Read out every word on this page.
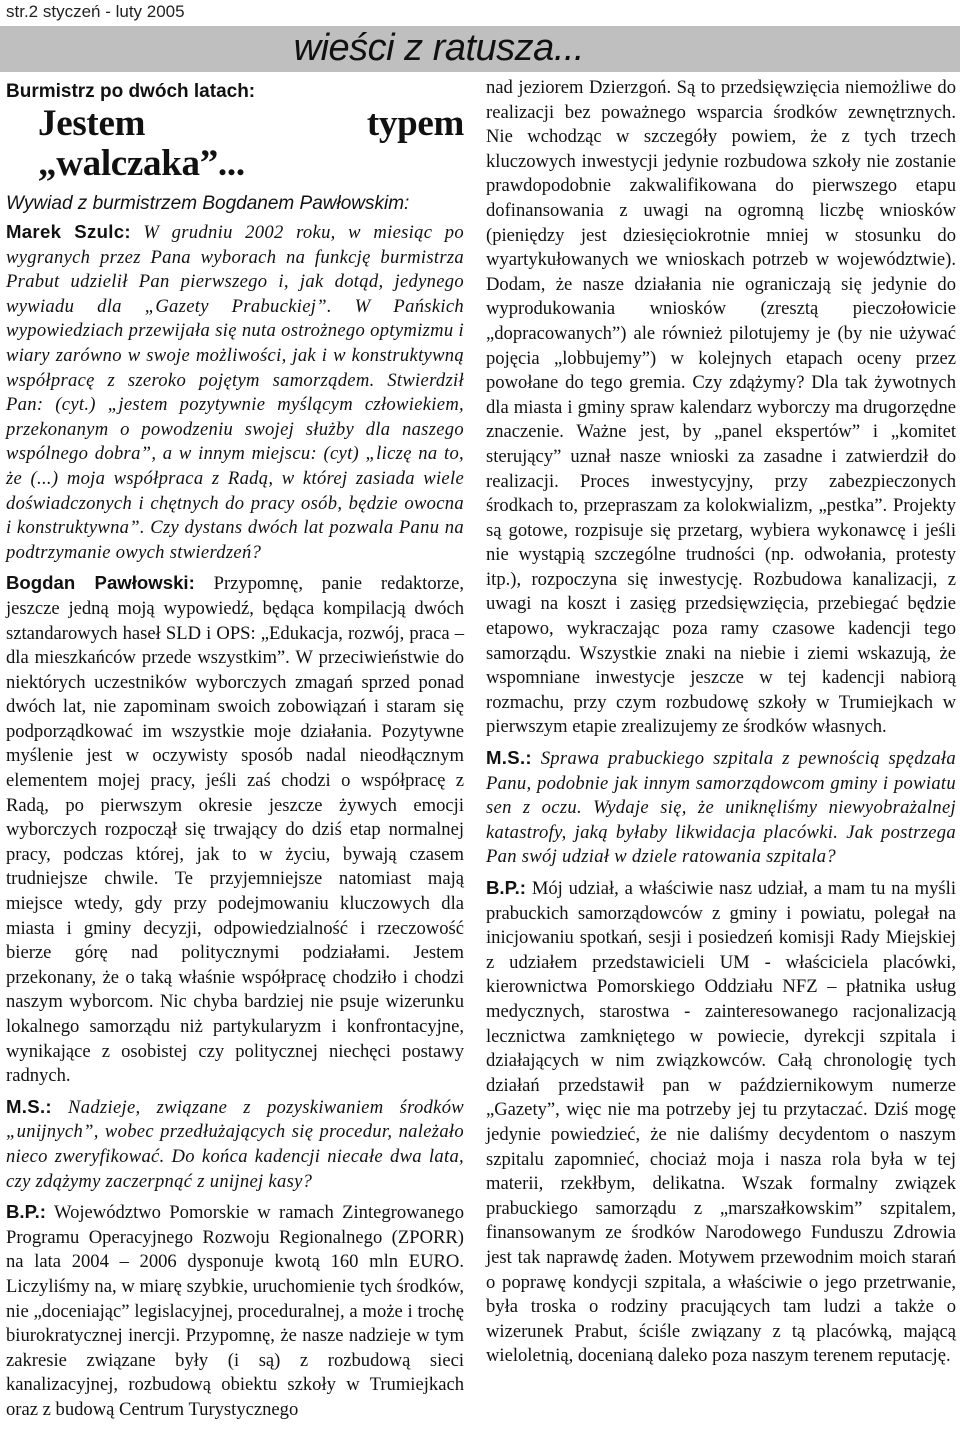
str.2 styczeń - luty 2005
wieści z ratusza...
Burmistrz po dwóch latach:
Jestem typem „walczaka”...
Wywiad z burmistrzem Bogdanem Pawłowskim:

Marek Szulc: W grudniu 2002 roku, w miesiąc po wygranych przez Pana wyborach na funkcję burmistrza Prabut udzielił Pan pierwszego i, jak dotąd, jedynego wywiadu dla „Gazety Prabuckiej”. W Pańskich wypowiedziach przewijała się nuta ostrożnego optymizmu i wiary zarówno w swoje możliwości, jak i w konstruktywną współpracę z szeroko pojętym samorządem. Stwierdził Pan: (cyt.) „jestem pozytywnie myślącym człowiekiem, przekonanym o powodzeniu swojej służby dla naszego wspólnego dobra”, a w innym miejscu: (cyt) „liczę na to, że (...) moja współpraca z Radą, w której zasiada wiele doświadczonych i chętnych do pracy osób, będzie owocna i konstruktywna”. Czy dystans dwóch lat pozwala Panu na podtrzymanie owych stwierdzeń?

Bogdan Pawłowski: Przypomnę, panie redaktorze, jeszcze jedną moją wypowiedź, będąca kompilacją dwóch sztandarowych haseł SLD i OPS: „Edukacja, rozwój, praca – dla mieszkańców przede wszystkim”. W przeciwieństwie do niektórych uczestników wyborczych zmagań sprzed ponad dwóch lat, nie zapominam swoich zobowiązań i staram się podporządkować im wszystkie moje działania. Pozytywne myślenie jest w oczywisty sposób nadal nieodłącznym elementem mojej pracy, jeśli zaś chodzi o współpracę z Radą, po pierwszym okresie jeszcze żywych emocji wyborczych rozpoczął się trwający do dziś etap normalnej pracy, podczas której, jak to w życiu, bywają czasem trudniejsze chwile. Te przyjemniejsze natomiast mają miejsce wtedy, gdy przy podejmowaniu kluczowych dla miasta i gminy decyzji, odpowiedzialność i rzeczowość bierze górę nad politycznymi podziałami. Jestem przekonany, że o taką właśnie współpracę chodziło i chodzi naszym wyborcom. Nic chyba bardziej nie psuje wizerunku lokalnego samorządu niż partykularyzm i konfrontacyjne, wynikające z osobistej czy politycznej niechęci postawy radnych.

M.S.: Nadzieje, związane z pozyskiwaniem środków „unijnych”, wobec przedłużających się procedur, należało nieco zweryfikować. Do końca kadencji niecałe dwa lata, czy zdążymy zaczerpnąć z unijnej kasy?

B.P.: Województwo Pomorskie w ramach Zintegrowanego Programu Operacyjnego Rozwoju Regionalnego (ZPORR) na lata 2004 – 2006 dysponuje kwotą 160 mln EURO. Liczyliśmy na, w miarę szybkie, uruchomienie tych środków, nie „doceniając” legislacyjnej, proceduralnej, a może i trochę biurokratycznej inercji. Przypomnę, że nasze nadzieje w tym zakresie związane były (i są) z rozbudową sieci kanalizacyjnej, rozbudową obiektu szkoły w Trumiejkach oraz z budową Centrum Turystycznego

nad jeziorem Dzierzgoń. Są to przedsięwzięcia niemożliwe do realizacji bez poważnego wsparcia środków zewnętrznych. Nie wchodząc w szczegóły powiem, że z tych trzech kluczowych inwestycji jedynie rozbudowa szkoły nie zostanie prawdopodobnie zakwalifikowana do pierwszego etapu dofinansowania z uwagi na ogromną liczbę wniosków (pieniędzy jest dziesięciokrotnie mniej w stosunku do wyartykułowanych we wnioskach potrzeb w województwie). Dodam, że nasze działania nie ograniczają się jedynie do wyprodukowania wniosków (zresztą pieczołowicie „dopracowanych”) ale również pilotujemy je (by nie używać pojęcia „lobbujemy”) w kolejnych etapach oceny przez powołane do tego gremia. Czy zdążymy? Dla tak żywotnych dla miasta i gminy spraw kalendarz wyborczy ma drugorzędne znaczenie. Ważne jest, by „panel ekspertów” i „komitet sterujący” uznał nasze wnioski za zasadne i zatwierdził do realizacji. Proces inwestycyjny, przy zabezpieczonych środkach to, przepraszam za kolokwializm, „pestka”. Projekty są gotowe, rozpisuje się przetarg, wybiera wykonawcę i jeśli nie wystąpią szczególne trudności (np. odwołania, protesty itp.), rozpoczyna się inwestycję. Rozbudowa kanalizacji, z uwagi na koszt i zasięg przedsięwzięcia, przebiegać będzie etapowo, wykraczając poza ramy czasowe kadencji tego samorządu. Wszystkie znaki na niebie i ziemi wskazują, że wspomniane inwestycje jeszcze w tej kadencji nabiorą rozmachu, przy czym rozbudowę szkoły w Trumiejkach w pierwszym etapie zrealizujemy ze środków własnych.

M.S.: Sprawa prabuckiego szpitala z pewnością spędzała Panu, podobnie jak innym samorządowcom gminy i powiatu sen z oczu. Wydaje się, że uniknęliśmy niewyobrażalnej katastrofy, jaką byłaby likwidacja placówki. Jak postrzega Pan swój udział w dziele ratowania szpitala?

B.P.: Mój udział, a właściwie nasz udział, a mam tu na myśli prabuckich samorządowców z gminy i powiatu, polegał na inicjowaniu spotkań, sesji i posiedzeń komisji Rady Miejskiej z udziałem przedstawicieli UM - właściciela placówki, kierownictwa Pomorskiego Oddziału NFZ – płatnika usług medycznych, starostwa - zainteresowanego racjonalizacją lecznictwa zamkniętego w powiecie, dyrekcji szpitala i działających w nim związkowców. Całą chronologię tych działań przedstawił pan w październikowym numerze „Gazety”, więc nie ma potrzeby jej tu przytaczać. Dziś mogę jedynie powiedzieć, że nie daliśmy decydentom o naszym szpitalu zapomnieć, chociaż moja i nasza rola była w tej materii, rzekłbym, delikatna. Wszak formalny związek prabuckiego samorządu z „marszałkowskim” szpitalem, finansowanym ze środków Narodowego Funduszu Zdrowia jest tak naprawdę żaden. Motywem przewodnim moich starań o poprawę kondycji szpitala, a właściwie o jego przetrwanie, była troska o rodziny pracujących tam ludzi a także o wizerunek Prabut, ściśle związany z tą placówką, mającą wieloletnią, docenianą daleko poza naszym terenem reputację.
